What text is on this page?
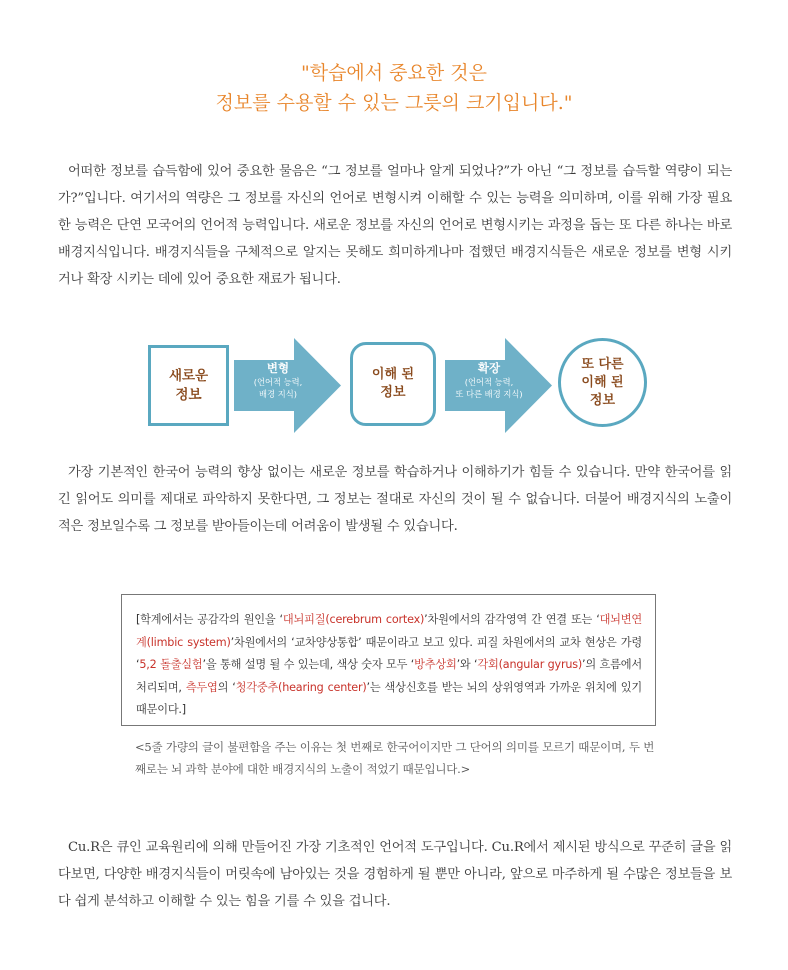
"학습에서 중요한 것은
정보를 수용할 수 있는 그릇의 크기입니다."
어떠한 정보를 습득함에 있어 중요한 물음은 “그 정보를 얼마나 알게 되었나?”가 아닌 “그 정보를 습득할 역량이 되는가?”입니다. 여기서의 역량은 그 정보를 자신의 언어로 변형시켜 이해할 수 있는 능력을 의미하며, 이를 위해 가장 필요한 능력은 단연 모국어의 언어적 능력입니다. 새로운 정보를 자신의 언어로 변형시키는 과정을 돕는 또 다른 하나는 바로 배경지식입니다. 배경지식들을 구체적으로 알지는 못해도 희미하게나마 접했던 배경지식들은 새로운 정보를 변형 시키거나 확장 시키는 데에 있어 중요한 재료가 됩니다.
새로운
정보
변형
(언어적 능력,
배경 지식)
이해 된
정보
확장
(언어적 능력,
또 다른 배경 지식)
또 다른
이해 된
정보
가장 기본적인 한국어 능력의 향상 없이는 새로운 정보를 학습하거나 이해하기가 힘들 수 있습니다. 만약 한국어를 읽긴 읽어도 의미를 제대로 파악하지 못한다면, 그 정보는 절대로 자신의 것이 될 수 없습니다. 더불어 배경지식의 노출이 적은 정보일수록 그 정보를 받아들이는데 어려움이 발생될 수 있습니다.
[학계에서는 공감각의 원인을 ‘대뇌피질(cerebrum cortex)’차원에서의 감각영역 간 연결 또는 ‘대뇌변연계(limbic system)’차원에서의 ‘교차양상통합’ 때문이라고 보고 있다. 피질 차원에서의 교차 현상은 가령 ‘5,2 돌출실험’을 통해 설명 될 수 있는데, 색상 숫자 모두 ‘방추상회’와 ‘각회(angular gyrus)’의 흐름에서 처리되며, 측두엽의 ‘청각중추(hearing center)’는 색상신호를 받는 뇌의 상위영역과 가까운 위치에 있기 때문이다.]
<5줄 가량의 글이 불편함을 주는 이유는 첫 번째로 한국어이지만 그 단어의 의미를 모르기 때문이며, 두 번째로는 뇌 과학 분야에 대한 배경지식의 노출이 적었기 때문입니다.>
Cu.R은 큐인 교육원리에 의해 만들어진 가장 기초적인 언어적 도구입니다. Cu.R에서 제시된 방식으로 꾸준히 글을 읽다보면, 다양한 배경지식들이 머릿속에 남아있는 것을 경험하게 될 뿐만 아니라, 앞으로 마주하게 될 수많은 정보들을 보다 쉽게 분석하고 이해할 수 있는 힘을 기를 수 있을 겁니다.
